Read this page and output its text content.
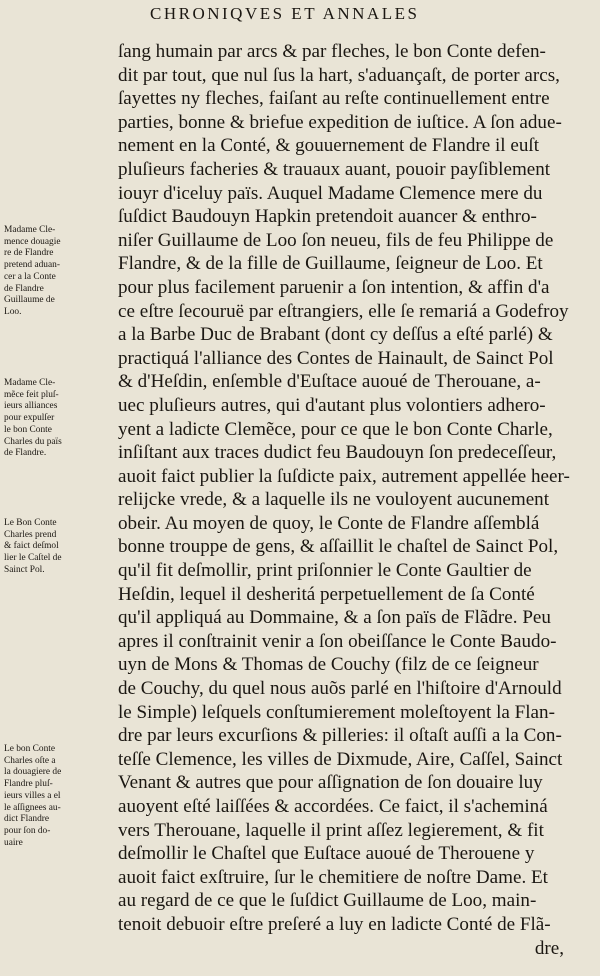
CHRONIQVES ET ANNALES
ſang humain par arcs & par fleches, le bon Conte defen-
dit par tout, que nul ſus la hart, s'aduançaſt, de porter arcs,
ſayettes ny fleches, faiſant au reſte continuellement entre
parties, bonne & briefue expedition de iuſtice. A ſon adue-
nement en la Conté, & gouuernement de Flandre il euſt
pluſieurs facheries & trauaux auant, pouoir payſiblement
iouyr d'iceluy païs. Auquel Madame Clemence mere du
ſuſdict Baudouyn Hapkin pretendoit auancer & enthro-
niſer Guillaume de Loo ſon neueu, fils de feu Philippe de
Flandre, & de la fille de Guillaume, ſeigneur de Loo. Et
pour plus facilement paruenir a ſon intention, & affin d'a
ce eſtre ſecouruë par eſtrangiers, elle ſe remariá a Godefroy
a la Barbe Duc de Brabant (dont cy deſſus a eſté parlé) &
practiquá l'alliance des Contes de Hainault, de Sainct Pol
& d'Heſdin, enſemble d'Euſtace auoué de Therouane, a-
uec pluſieurs autres, qui d'autant plus volontiers adhero-
yent a ladicte Clemẽce, pour ce que le bon Conte Charle,
inſiſtant aux traces dudict feu Baudouyn ſon predeceſſeur,
auoit faict publier la ſuſdicte paix, autrement appellée heer-
relijcke vrede, & a laquelle ils ne vouloyent aucunement
obeir. Au moyen de quoy, le Conte de Flandre aſſemblá
bonne trouppe de gens, & aſſaillit le chaſtel de Sainct Pol,
qu'il fit deſmollir, print priſonnier le Conte Gaultier de
Heſdin, lequel il desheritá perpetuellement de ſa Conté
qu'il appliquá au Dommaine, & a ſon païs de Flãdre. Peu
apres il conſtrainit venir a ſon obeiſſance le Conte Baudo-
uyn de Mons & Thomas de Couchy (filz de ce ſeigneur
de Couchy, du quel nous auõs parlé en l'hiſtoire d'Arnould
le Simple) leſquels conſtumierement moleſtoyent la Flan-
dre par leurs excurſions & pilleries: il oſtaſt auſſi a la Con-
teſſe Clemence, les villes de Dixmude, Aire, Caſſel, Sainct
Venant & autres que pour aſſignation de ſon douaire luy
auoyent eſté laiſſées & accordées. Ce faict, il s'acheminá
vers Therouane, laquelle il print aſſez legierement, & fit
deſmollir le Chaſtel que Euſtace auoué de Therouene y
auoit faict exſtruire, ſur le chemitiere de noſtre Dame. Et
au regard de ce que le ſuſdict Guillaume de Loo, main-
tenoit debuoir eſtre preſeré a luy en ladicte Conté de Flã-
dre,
Madame Cle-
mence douagie
re de Flandre
pretend aduan-
cer a la Conte
de Flandre
Guillaume de
Loo.
Madame Cle-
mẽce feit pluſ-
ieurs alliances
pour expulſer
le bon Conte
Charles du païs
de Flandre.
Le Bon Conte
Charles prend
& faict deſmol
lier le Caſtel de
Sainct Pol.
Le bon Conte
Charles oſte a
la douagiere de
Flandre pluſ-
ieurs villes a el
le aſſignees au-
dict Flandre
pour ſon do-
uaire
